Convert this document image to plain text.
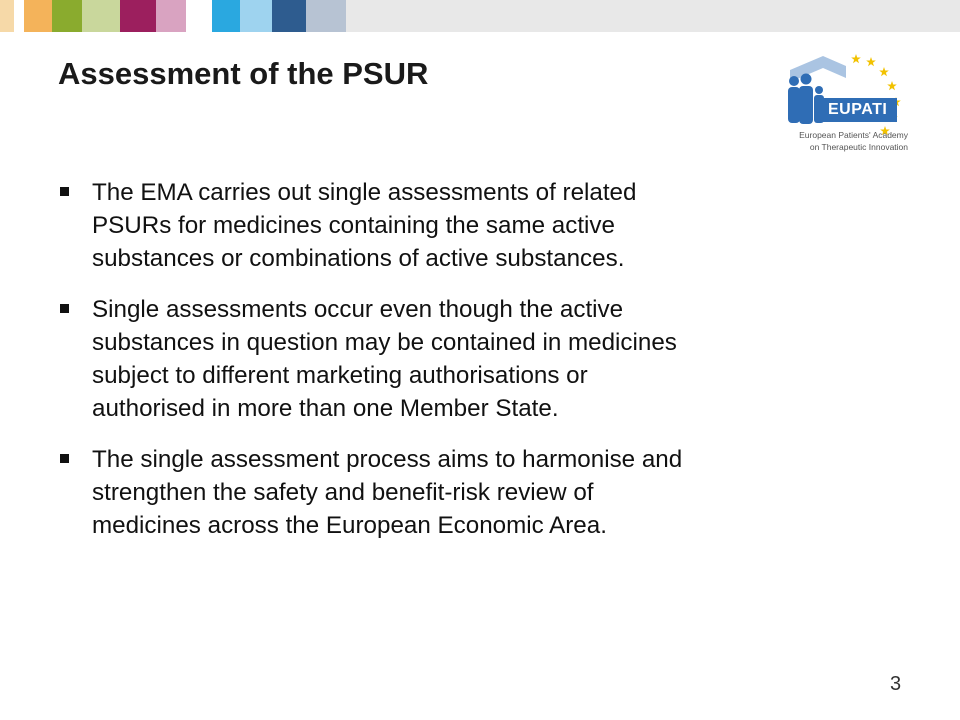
Assessment of the PSUR
EUPATI
European Patients' Academy
on Therapeutic Innovation
The EMA carries out single assessments of related
PSURs for medicines containing the same active
substances or combinations of active substances.
Single assessments occur even though the active
substances in question may be contained in medicines
subject to different marketing authorisations or
authorised in more than one Member State.
The single assessment process aims to harmonise and
strengthen the safety and benefit-risk review of
medicines across the European Economic Area.
3
